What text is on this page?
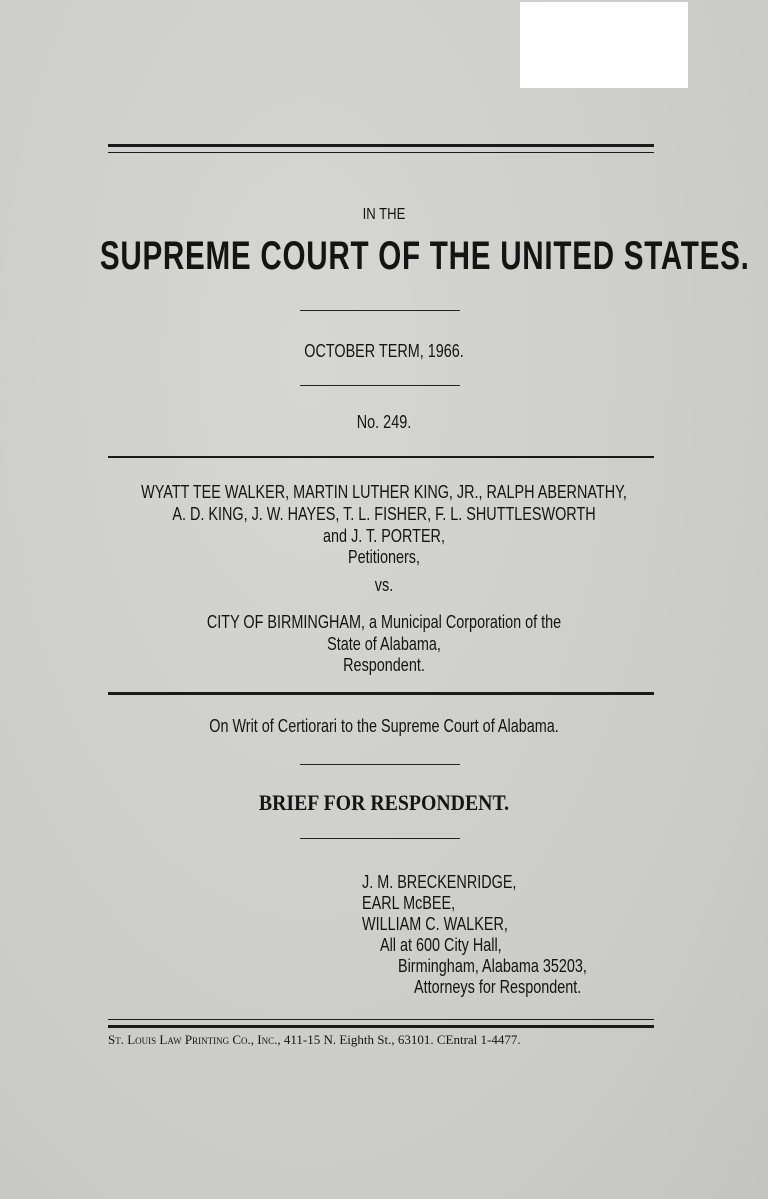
IN THE
SUPREME COURT OF THE UNITED STATES.
OCTOBER TERM, 1966.
No. 249.
WYATT TEE WALKER, MARTIN LUTHER KING, JR., RALPH ABERNATHY,
A. D. KING, J. W. HAYES, T. L. FISHER, F. L. SHUTTLESWORTH
and J. T. PORTER,
Petitioners,
vs.
CITY OF BIRMINGHAM, a Municipal Corporation of the
State of Alabama,
Respondent.
On Writ of Certiorari to the Supreme Court of Alabama.
BRIEF FOR RESPONDENT.
J. M. BRECKENRIDGE,
EARL McBEE,
WILLIAM C. WALKER,
All at 600 City Hall,
Birmingham, Alabama 35203,
Attorneys for Respondent.
St. Louis Law Printing Co., Inc., 411-15 N. Eighth St., 63101. CEntral 1-4477.
